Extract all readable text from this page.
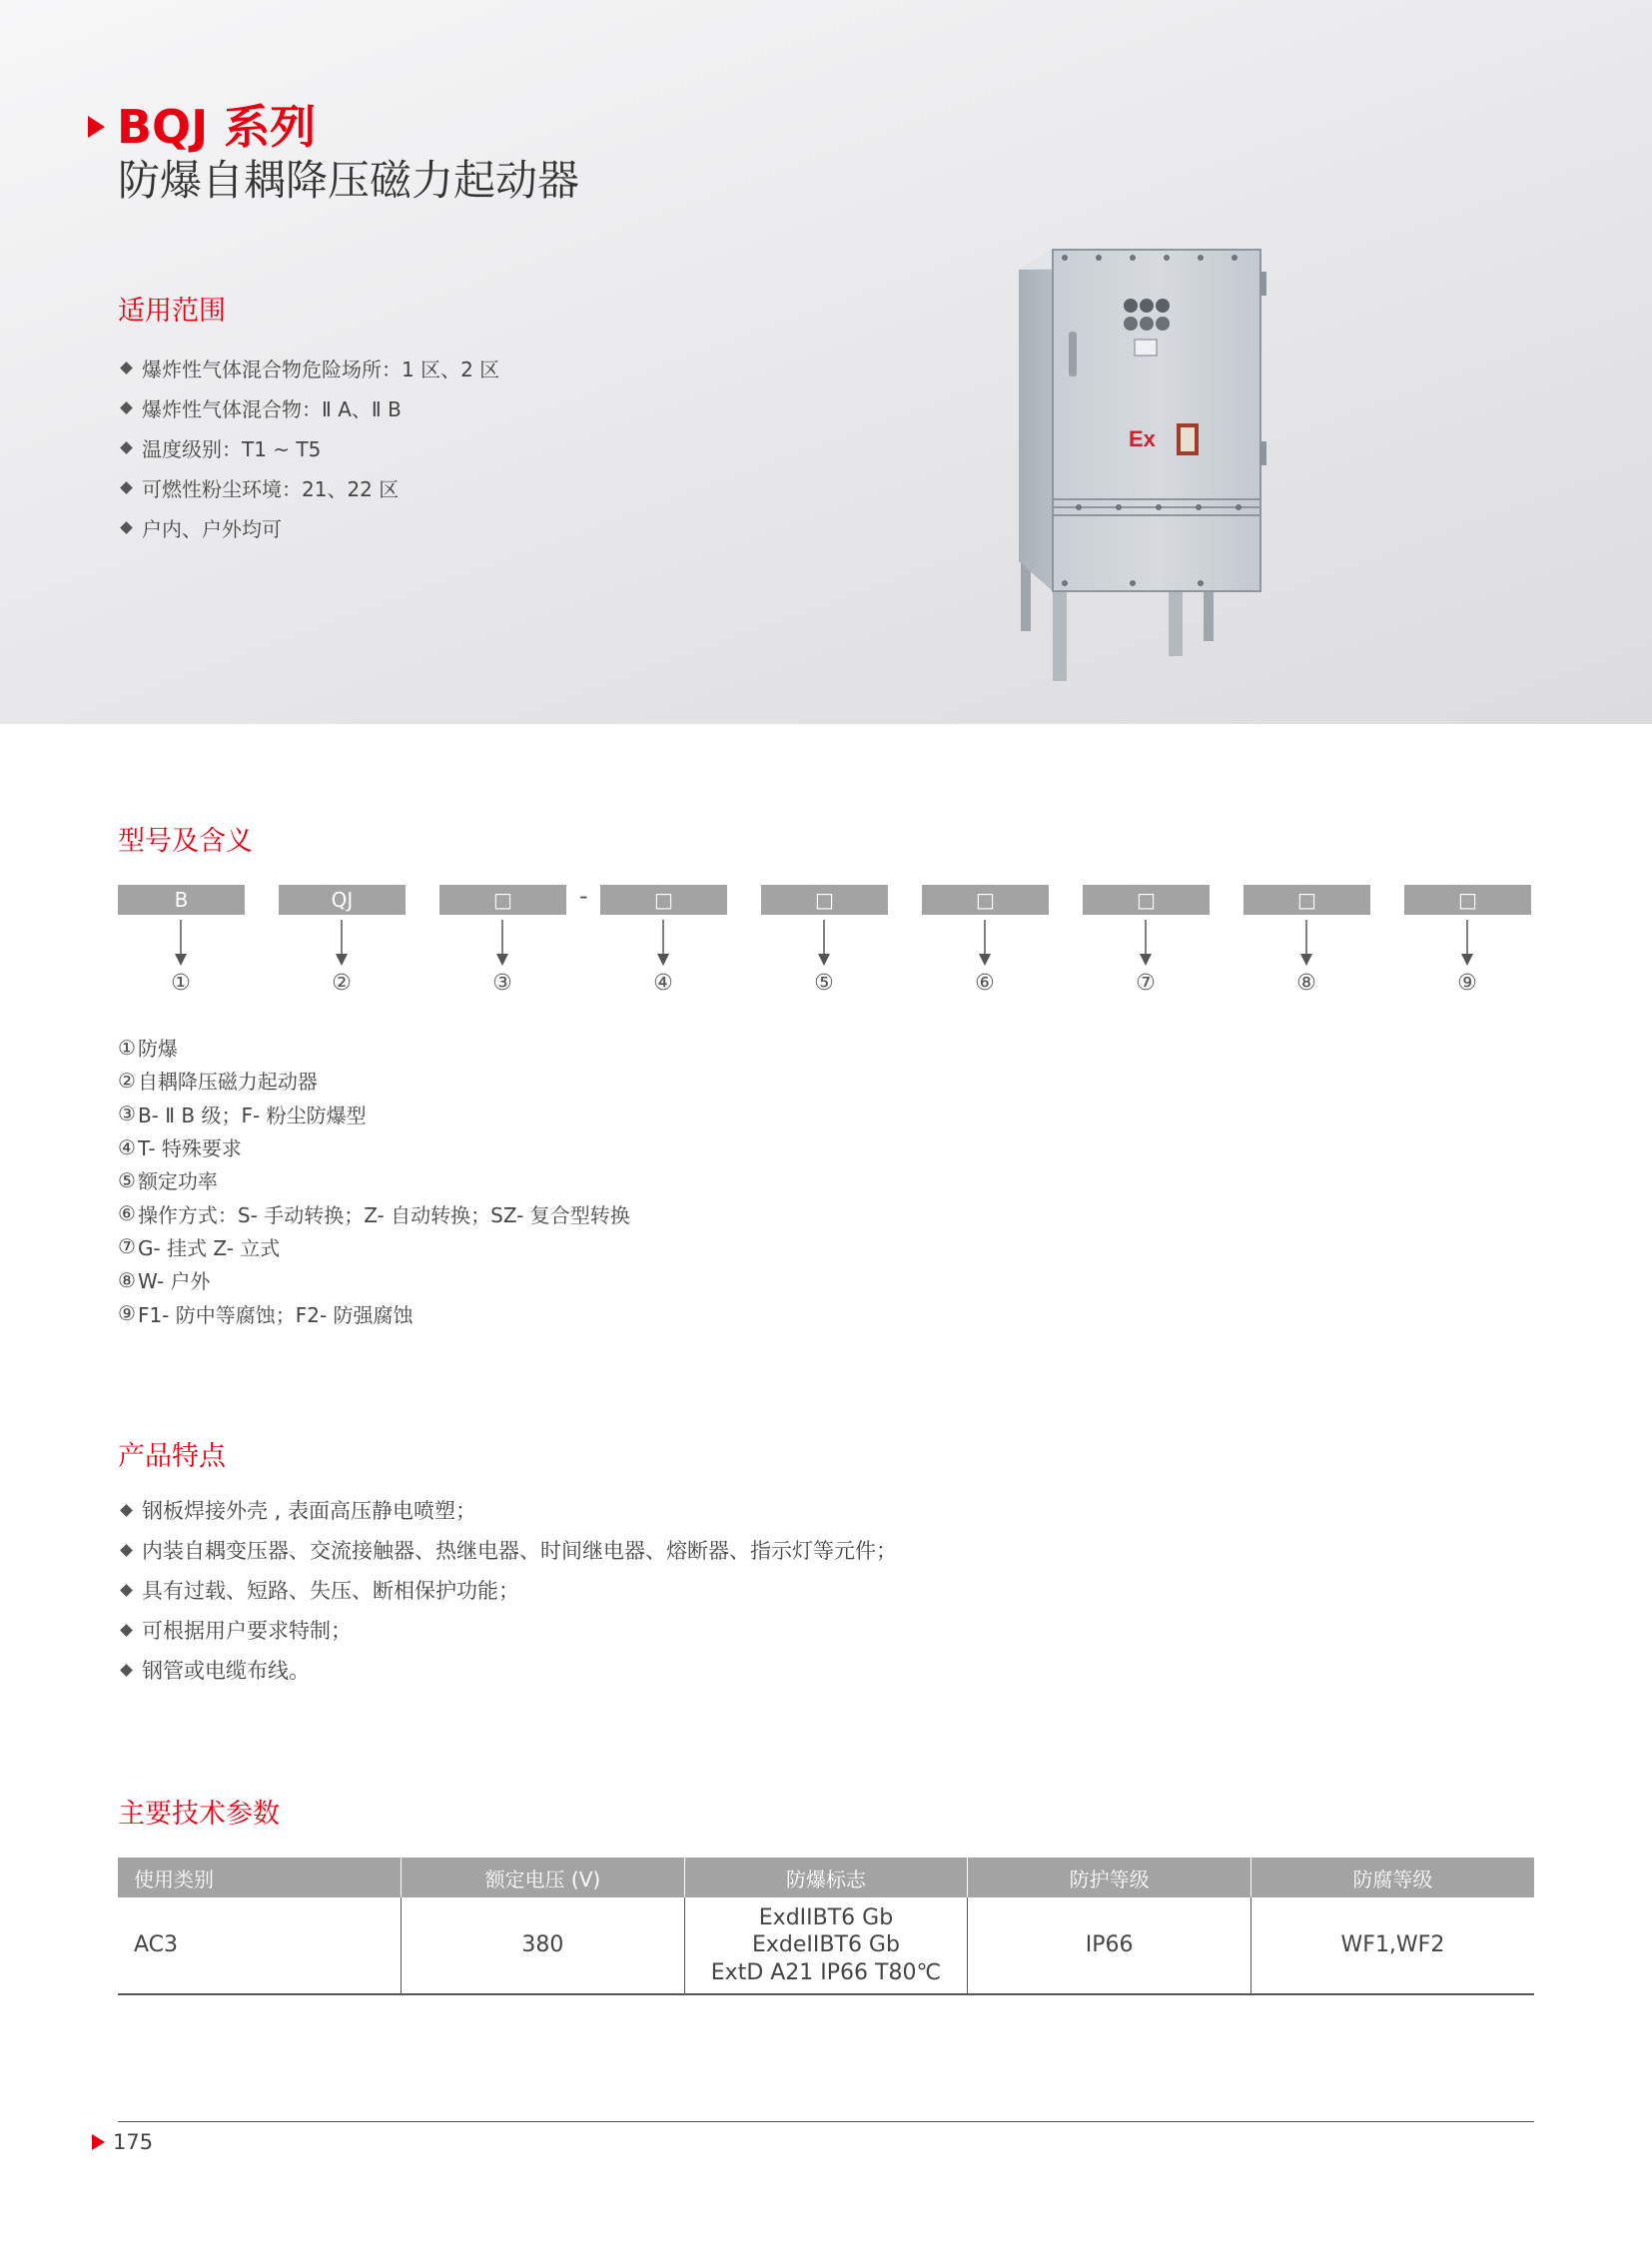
BQJ 系列
防爆自耦降压磁力起动器
适用范围
爆炸性气体混合物危险场所：1 区、2 区
爆炸性气体混合物：Ⅱ A、Ⅱ B
温度级别：T1 ~ T5
可燃性粉尘环境：21、22 区
户内、户外均可
Ex
型号及含义
B	QJ	□	-	□	□	□	□	□	□
①	②	③	④	⑤	⑥	⑦	⑧	⑨
① 防爆
② 自耦降压磁力起动器
③ B- Ⅱ B 级；F- 粉尘防爆型
④ T- 特殊要求
⑤ 额定功率
⑥ 操作方式：S- 手动转换；Z- 自动转换；SZ- 复合型转换
⑦ G- 挂式 Z- 立式
⑧ W- 户外
⑨ F1- 防中等腐蚀；F2- 防强腐蚀
产品特点
钢板焊接外壳 , 表面高压静电喷塑；
内装自耦变压器、交流接触器、热继电器、时间继电器、熔断器、指示灯等元件；
具有过载、短路、失压、断相保护功能；
可根据用户要求特制；
钢管或电缆布线。
主要技术参数
使用类别	额定电压 (V)	防爆标志	防护等级	防腐等级
AC3	380	ExdIIBT6 Gb
ExdeIIBT6 Gb
ExtD A21 IP66 T80℃	IP66	WF1,WF2
175
